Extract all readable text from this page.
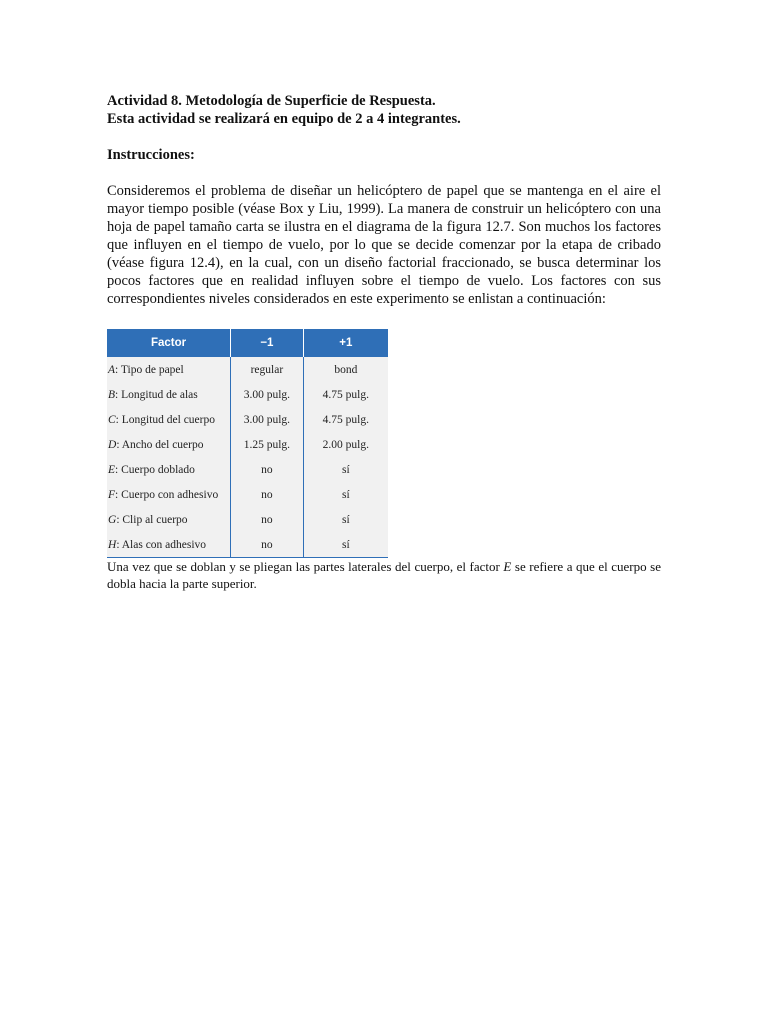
Actividad 8. Metodología de Superficie de Respuesta.

Esta actividad se realizará en equipo de 2 a 4 integrantes.

Instrucciones:

Consideremos el problema de diseñar un helicóptero de papel que se mantenga en el aire el mayor tiempo posible (véase Box y Liu, 1999). La manera de construir un helicóptero con una hoja de papel tamaño carta se ilustra en el diagrama de la figura 12.7. Son muchos los factores que influyen en el tiempo de vuelo, por lo que se decide comenzar por la etapa de cribado (véase figura 12.4), en la cual, con un diseño factorial fraccionado, se busca determinar los pocos factores que en realidad influyen sobre el tiempo de vuelo. Los factores con sus correspondientes niveles considerados en este experimento se enlistan a continuación:

Factor	−1	+1
A: Tipo de papel	regular	bond
B: Longitud de alas	3.00 pulg.	4.75 pulg.
C: Longitud del cuerpo	3.00 pulg.	4.75 pulg.
D: Ancho del cuerpo	1.25 pulg.	2.00 pulg.
E: Cuerpo doblado	no	sí
F: Cuerpo con adhesivo	no	sí
G: Clip al cuerpo	no	sí
H: Alas con adhesivo	no	sí

Una vez que se doblan y se pliegan las partes laterales del cuerpo, el factor E se refiere a que el cuerpo se dobla hacia la parte superior.
